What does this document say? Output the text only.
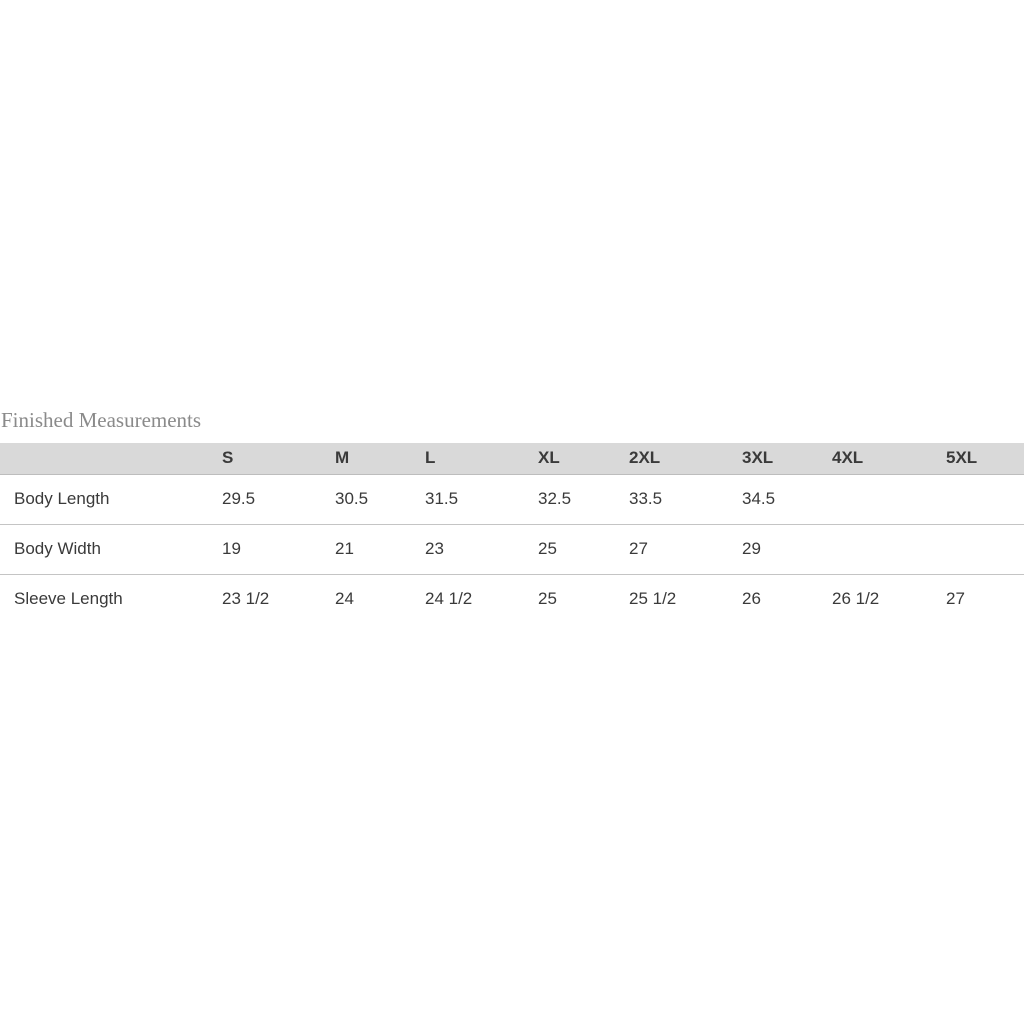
Finished Measurements
	S	M	L	XL	2XL	3XL	4XL	5XL
Body Length	29.5	30.5	31.5	32.5	33.5	34.5		
Body Width	19	21	23	25	27	29		
Sleeve Length	23 1/2	24	24 1/2	25	25 1/2	26	26 1/2	27
